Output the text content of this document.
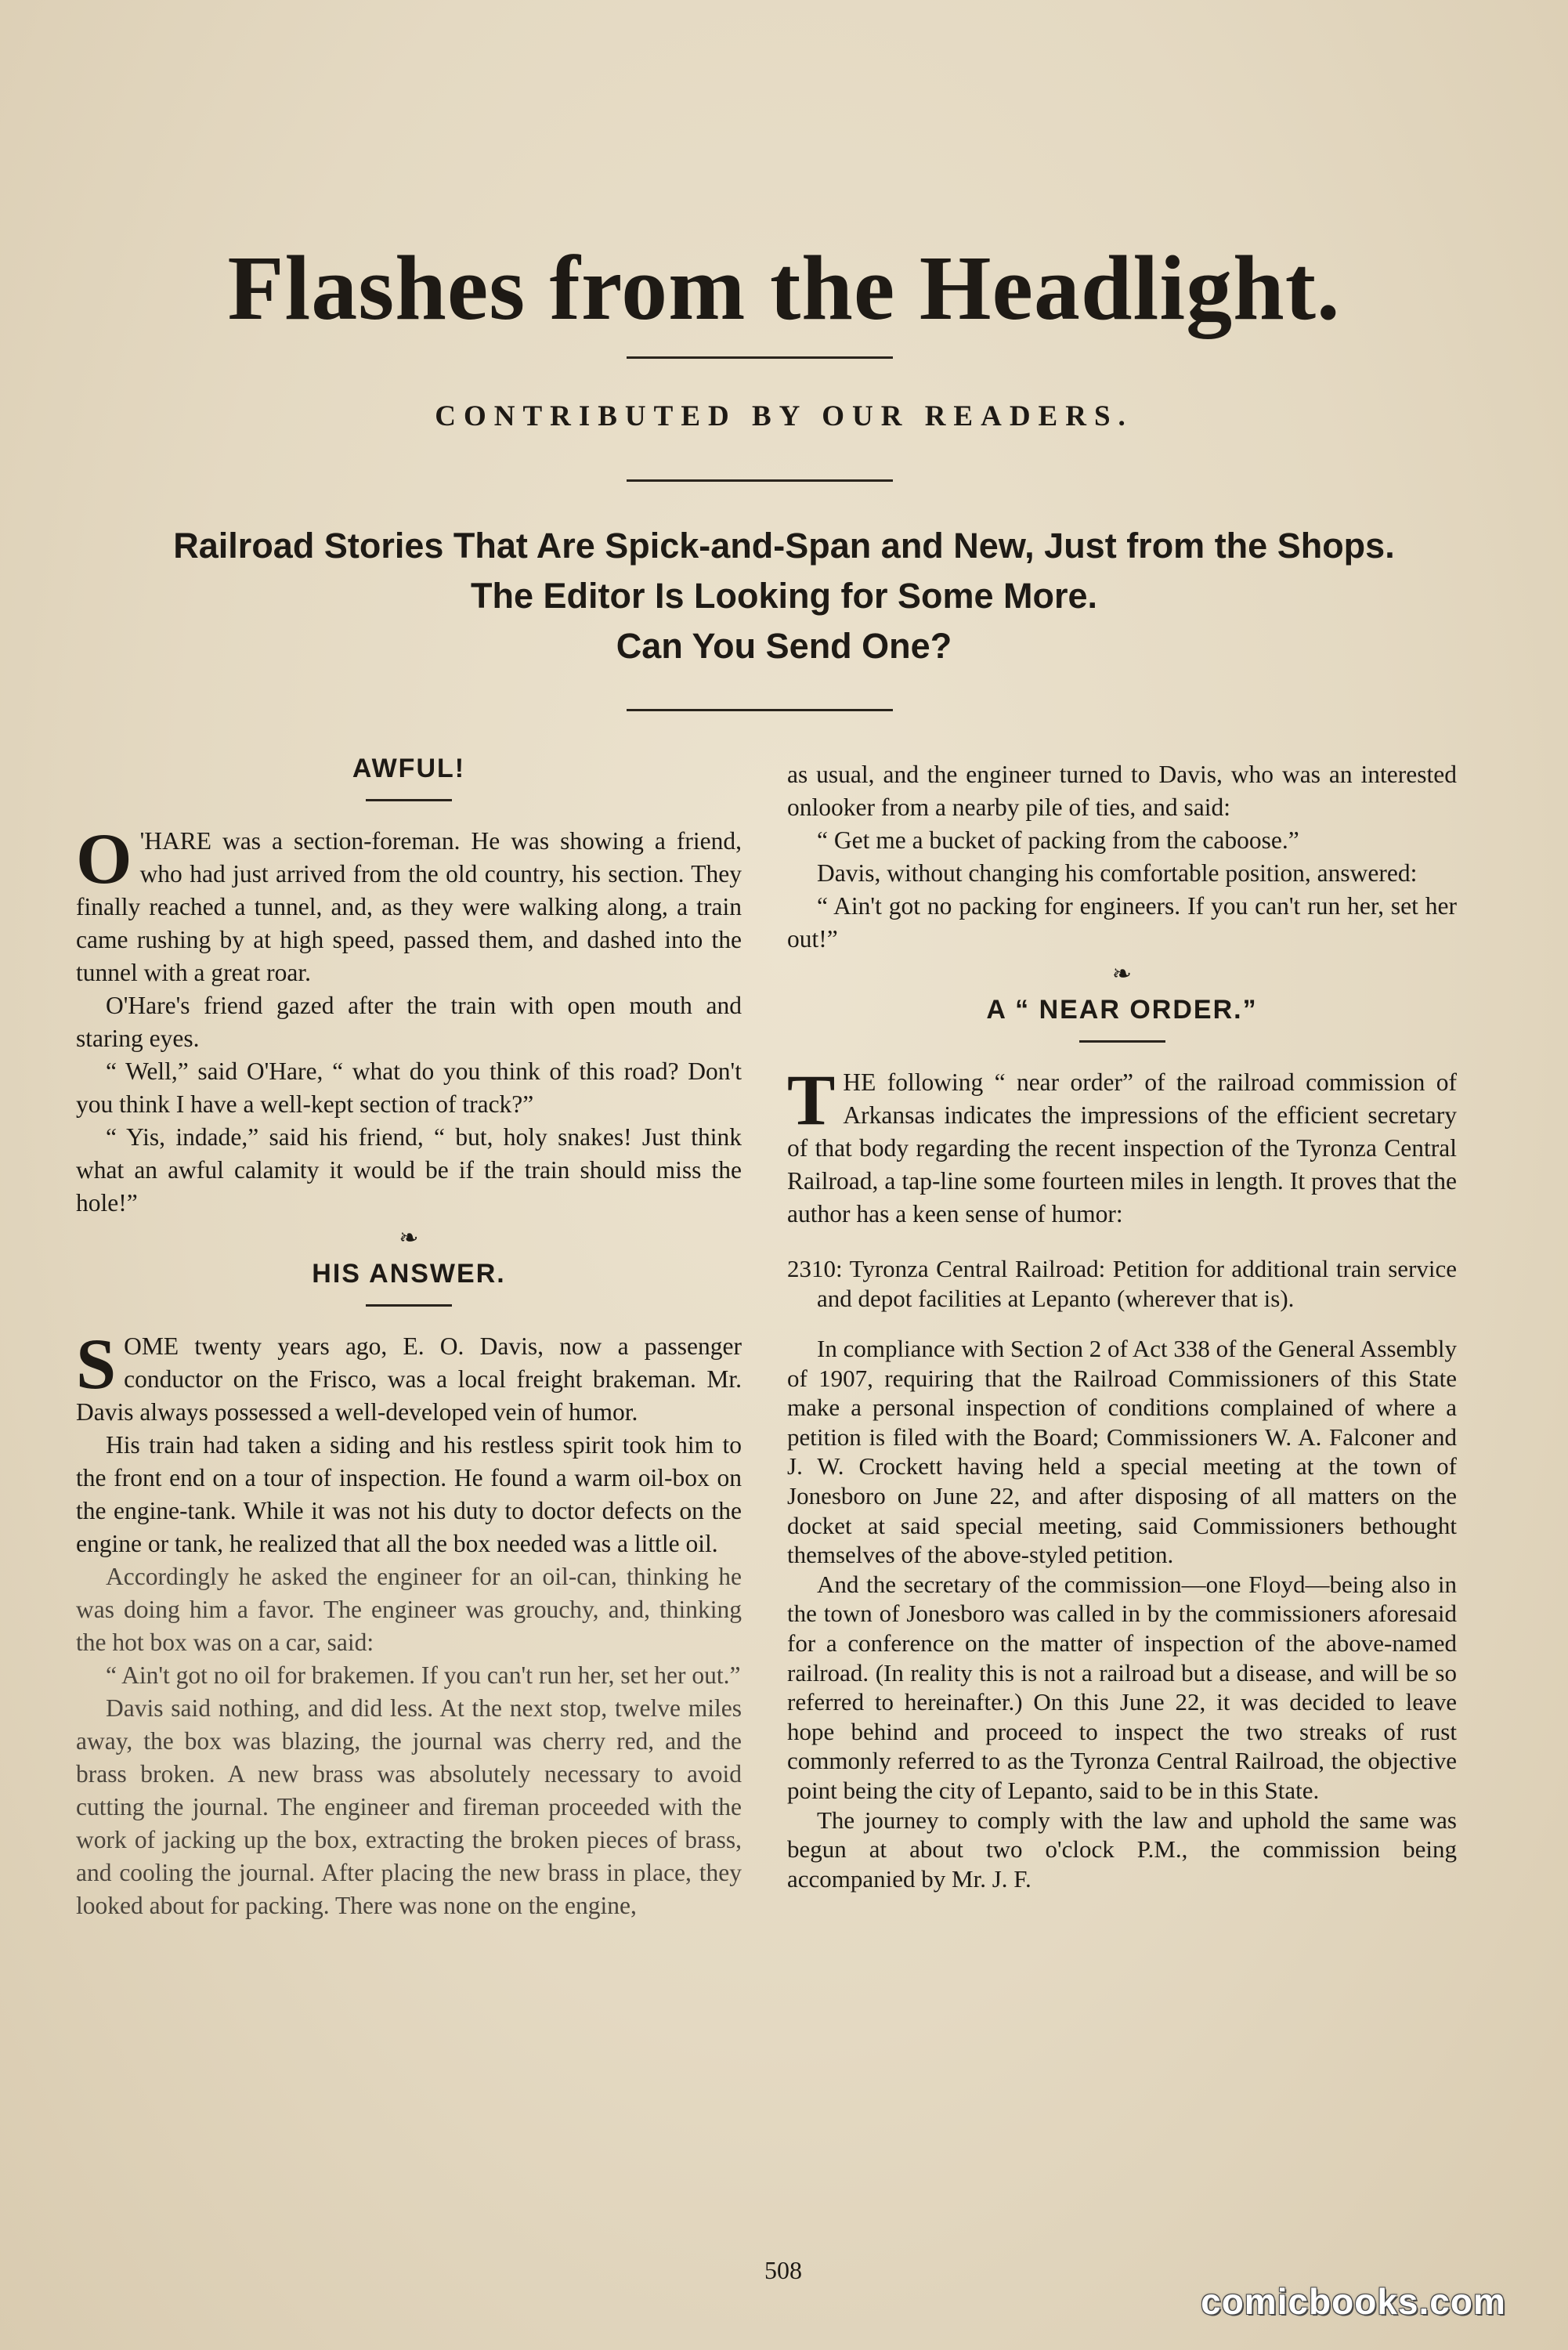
Flashes from the Headlight.
CONTRIBUTED BY OUR READERS.
Railroad Stories That Are Spick-and-Span and New, Just from the Shops.
The Editor Is Looking for Some More.
Can You Send One?
AWFUL!

O 'HARE was a section-foreman. He was showing a friend, who had just arrived from the old country, his section. They finally reached a tunnel, and, as they were walking along, a train came rushing by at high speed, passed them, and dashed into the tunnel with a great roar.

O'Hare's friend gazed after the train with open mouth and staring eyes.

“ Well,” said O'Hare, “ what do you think of this road? Don't you think I have a well-kept section of track?”

“ Yis, indade,” said his friend, “ but, holy snakes! Just think what an awful calamity it would be if the train should miss the hole!”

❧
HIS ANSWER.

SOME twenty years ago, E. O. Davis, now a passenger conductor on the Frisco, was a local freight brakeman. Mr. Davis always possessed a well-developed vein of humor.

His train had taken a siding and his restless spirit took him to the front end on a tour of inspection. He found a warm oil-box on the engine-tank. While it was not his duty to doctor defects on the engine or tank, he realized that all the box needed was a little oil.

Accordingly he asked the engineer for an oil-can, thinking he was doing him a favor. The engineer was grouchy, and, thinking the hot box was on a car, said:

“ Ain't got no oil for brakemen. If you can't run her, set her out.”

Davis said nothing, and did less. At the next stop, twelve miles away, the box was blazing, the journal was cherry red, and the brass broken. A new brass was absolutely necessary to avoid cutting the journal. The engineer and fireman proceeded with the work of jacking up the box, extracting the broken pieces of brass, and cooling the journal. After placing the new brass in place, they looked about for packing. There was none on the engine,

as usual, and the engineer turned to Davis, who was an interested onlooker from a nearby pile of ties, and said:

“ Get me a bucket of packing from the caboose.”

Davis, without changing his comfortable position, answered:

“ Ain't got no packing for engineers. If you can't run her, set her out!”

❧
A “ NEAR ORDER.”

THE following “ near order” of the railroad commission of Arkansas indicates the impressions of the efficient secretary of that body regarding the recent inspection of the Tyronza Central Railroad, a tap-line some fourteen miles in length. It proves that the author has a keen sense of humor:

2310: Tyronza Central Railroad: Petition for additional train service and depot facilities at Lepanto (wherever that is).

In compliance with Section 2 of Act 338 of the General Assembly of 1907, requiring that the Railroad Commissioners of this State make a personal inspection of conditions complained of where a petition is filed with the Board; Commissioners W. A. Falconer and J. W. Crockett having held a special meeting at the town of Jonesboro on June 22, and after disposing of all matters on the docket at said special meeting, said Commissioners bethought themselves of the above-styled petition.

And the secretary of the commission—one Floyd—being also in the town of Jonesboro was called in by the commissioners aforesaid for a conference on the matter of inspection of the above-named railroad. (In reality this is not a railroad but a disease, and will be so referred to hereinafter.) On this June 22, it was decided to leave hope behind and proceed to inspect the two streaks of rust commonly referred to as the Tyronza Central Railroad, the objective point being the city of Lepanto, said to be in this State.

The journey to comply with the law and uphold the same was begun at about two o'clock P.M., the commission being accompanied by Mr. J. F.

508
comicbooks.com
